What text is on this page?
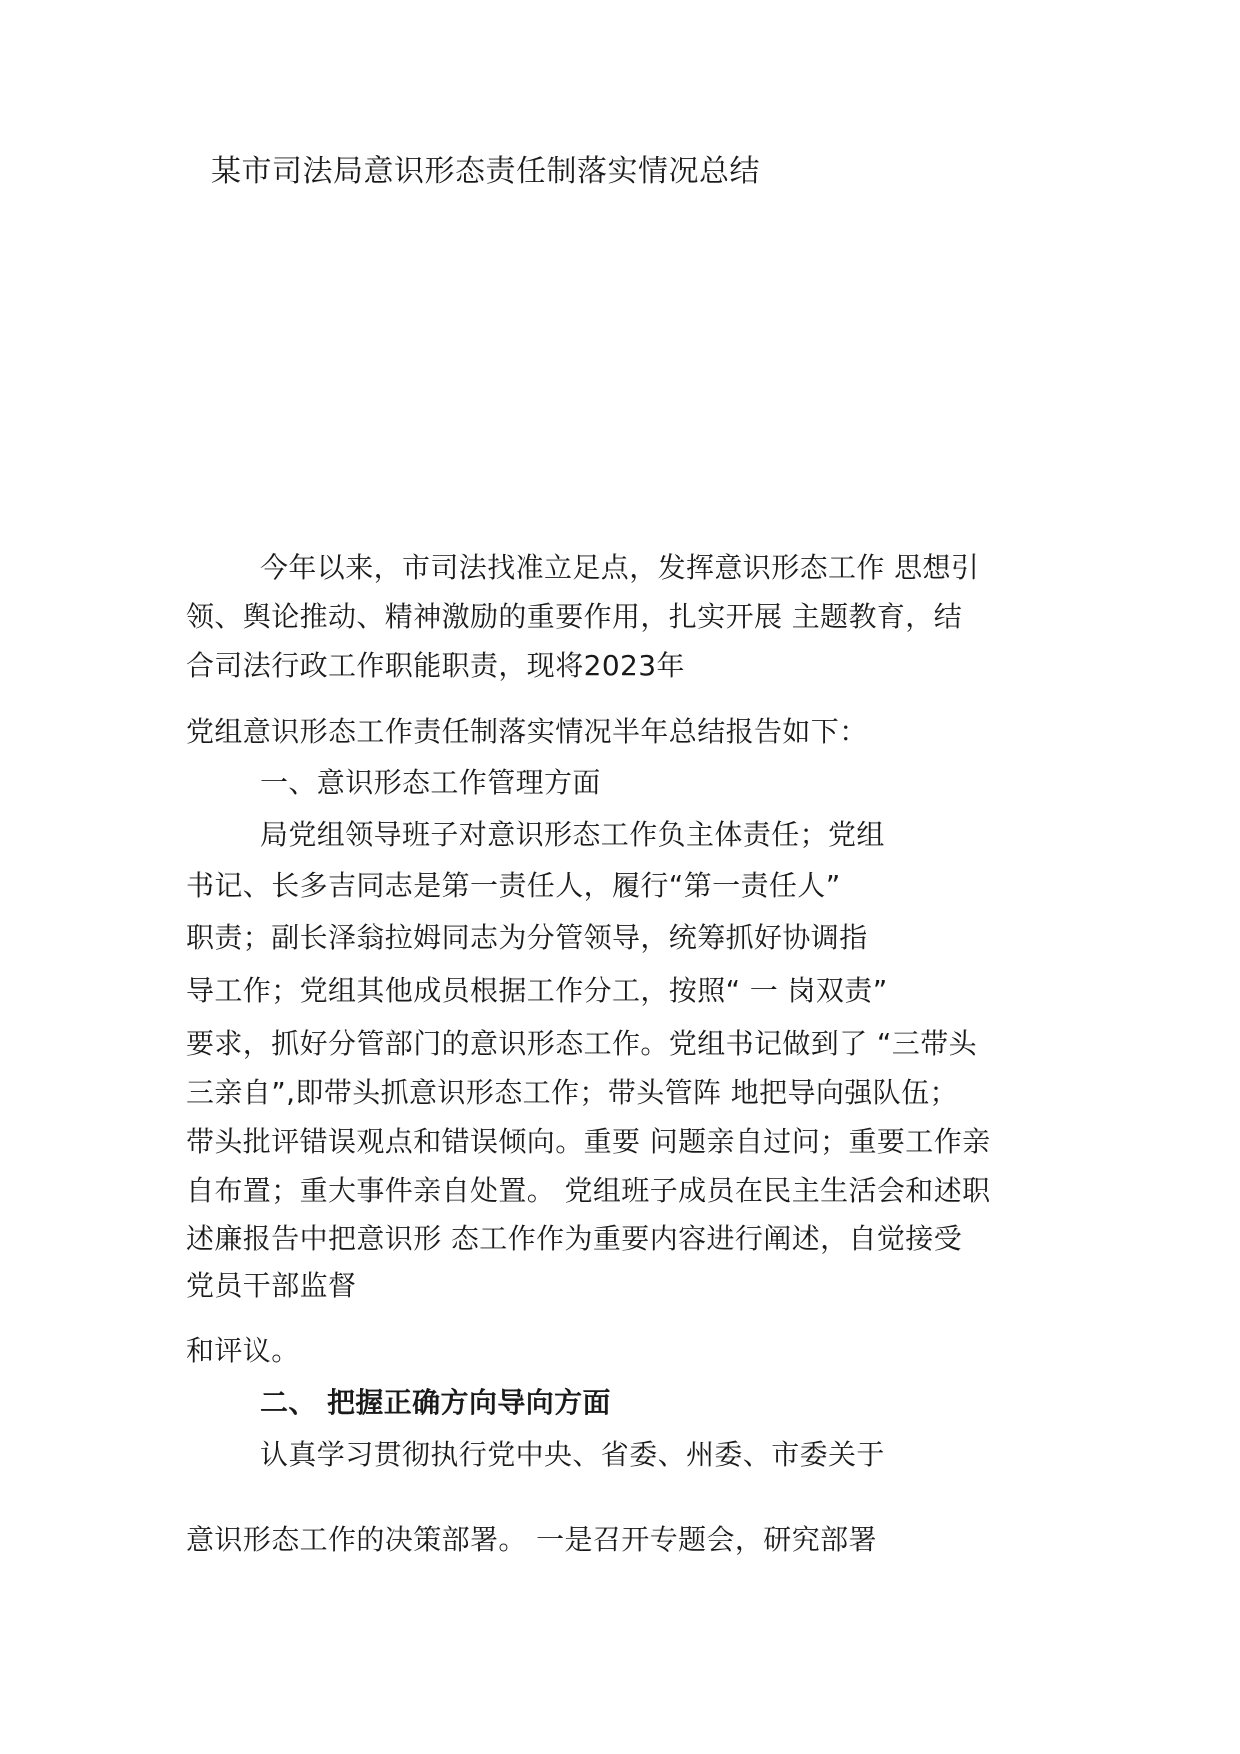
某市司法局意识形态责任制落实情况总结
今年以来，市司法找准立足点，发挥意识形态工作 思想引
领、舆论推动、精神激励的重要作用，扎实开展 主题教育，结
合司法行政工作职能职责，现将2023年
党组意识形态工作责任制落实情况半年总结报告如下：
一、意识形态工作管理方面
局党组领导班子对意识形态工作负主体责任；党组
书记、长多吉同志是第一责任人，履行“第一责任人”
职责；副长泽翁拉姆同志为分管领导，统筹抓好协调指
导工作；党组其他成员根据工作分工，按照“ 一 岗双责”
要求，抓好分管部门的意识形态工作。党组书记做到了 “三带头
三亲自”,即带头抓意识形态工作；带头管阵 地把导向强队伍；
带头批评错误观点和错误倾向。重要 问题亲自过问；重要工作亲
自布置；重大事件亲自处置。 党组班子成员在民主生活会和述职
述廉报告中把意识形 态工作作为重要内容进行阐述，自觉接受
党员干部监督
和评议。
二、 把握正确方向导向方面
认真学习贯彻执行党中央、省委、州委、市委关于
意识形态工作的决策部署。 一是召开专题会，研究部署
